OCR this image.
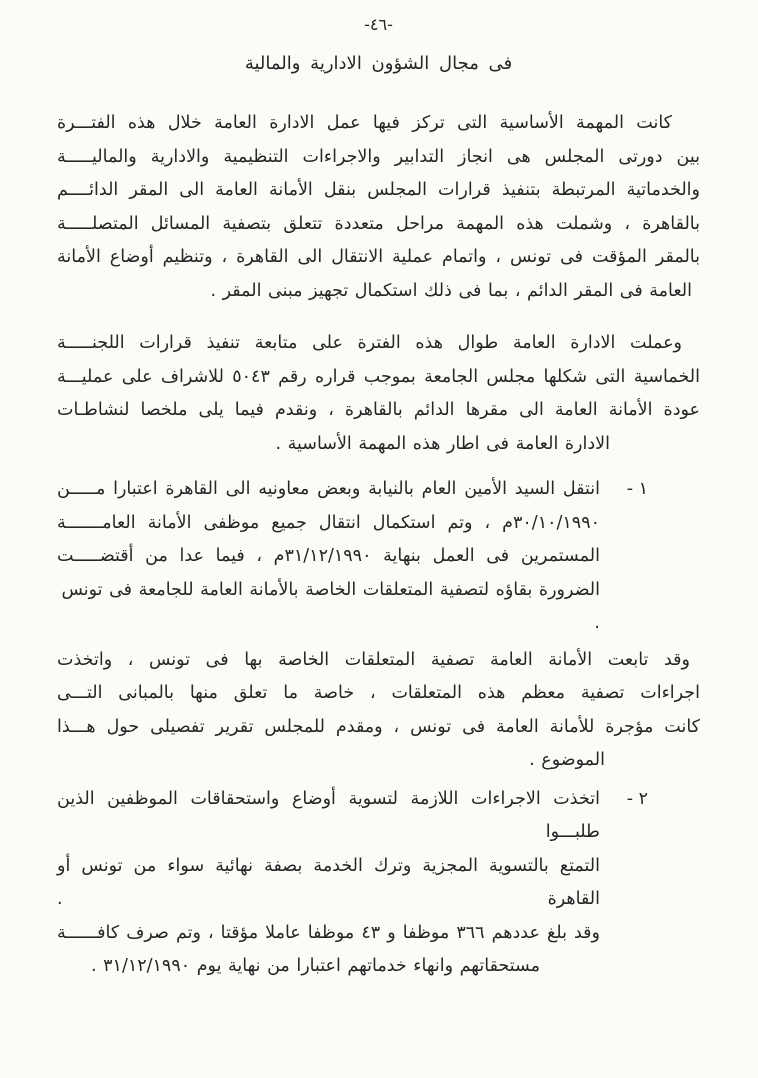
-٤٦-
فى مجال الشؤون الادارية والمالية
كانت المهمة الأساسية التى تركز فيها عمل الادارة العامة خلال هذه الفتـــرة
بين دورتى المجلس هى انجاز التدابير والاجراءات التنظيمية والادارية والماليـــــة
والخدماتية المرتبطة بتنفيذ قرارات المجلس بنقل الأمانة العامة الى المقر الدائــــم
بالقاهرة ، وشملت هذه المهمة مراحل متعددة تتعلق بتصفية المسائل المتصلـــــة
بالمقر المؤقت فى تونس ، واتمام عملية الانتقال الى القاهرة ، وتنظيم أوضاع الأمانة
العامة فى المقر الدائم ، بما فى ذلك استكمال تجهيز مبنى المقر .
وعملت الادارة العامة طوال هذه الفترة على متابعة تنفيذ قرارات اللجنـــــة
الخماسية التى شكلها مجلس الجامعة بموجب قراره رقم ٥٠٤٣ للاشراف على عمليـــة
عودة الأمانة العامة الى مقرها الدائم بالقاهرة ، ونقدم فيما يلى ملخصا لنشاطـات
الادارة العامة فى اطار هذه المهمة الأساسية .
١ -
انتقل السيد الأمين العام بالنيابة وبعض معاونيه الى القاهرة اعتبارا مـــــن
٣٠/١٠/١٩٩٠م ، وتم استكمال انتقال جميع موظفى الأمانة العامـــــــة
المستمرين فى العمل بنهاية ٣١/١٢/١٩٩٠م ، فيما عدا من أقتضـــــت
الضرورة بقاؤه لتصفية المتعلقات الخاصة بالأمانة العامة للجامعة فى تونس .
وقد تابعت الأمانة العامة تصفية المتعلقات الخاصة بها فى تونس ، واتخذت
اجراءات تصفية معظم هذه المتعلقات ، خاصة ما تعلق منها بالمبانى التـــى
كانت مؤجرة للأمانة العامة فى تونس ، ومقدم للمجلس تقرير تفصيلى حول هـــذا
الموضوع .
٢ -
اتخذت الاجراءات اللازمة لتسوية أوضاع واستحقاقات الموظفين الذين طلبـــوا
التمتع بالتسوية المجزية وترك الخدمة بصفة نهائية سواء من تونس أو القاهرة .
وقد بلغ عددهم ٣٦٦ موظفا و ٤٣ موظفا عاملا مؤقتا ، وتم صرف كافــــــة
مستحقاتهم وانهاء خدماتهم اعتبارا من نهاية يوم ٣١/١٢/١٩٩٠ .
